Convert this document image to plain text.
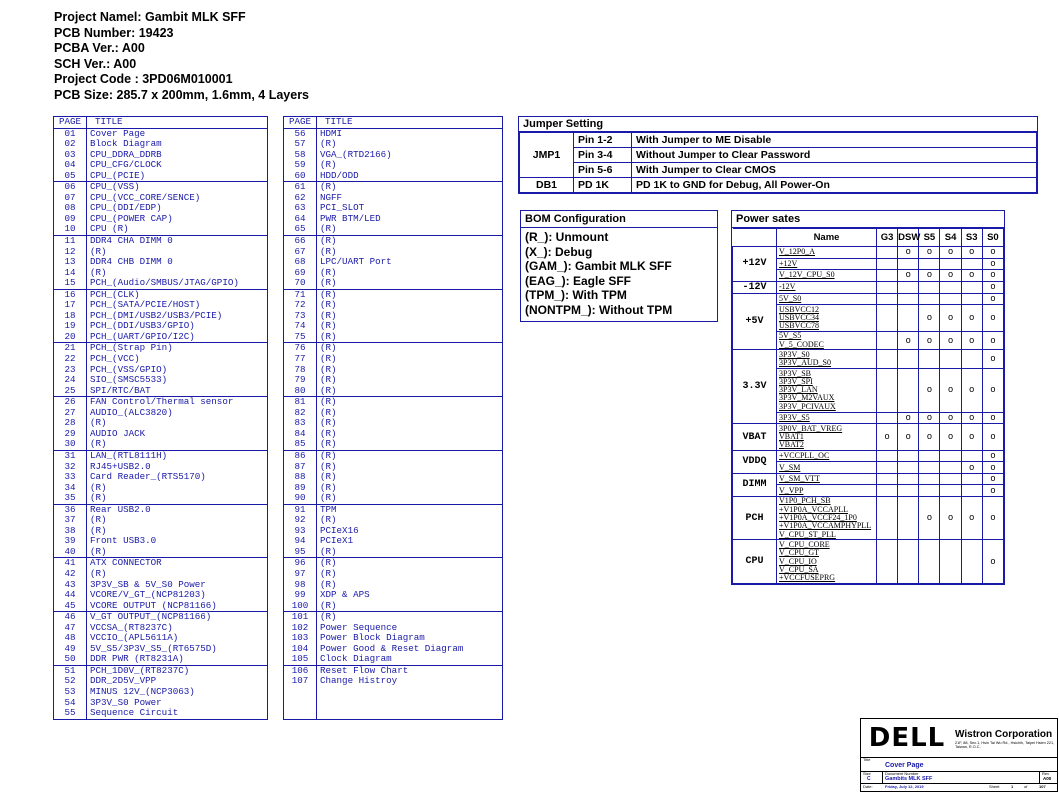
Project Namel: Gambit MLK SFF
PCB Number: 19423
PCBA Ver.: A00
SCH Ver.: A00
Project Code : 3PD06M010001
PCB Size: 285.7 x 200mm, 1.6mm, 4 Layers
PAGE	TITLE
01	Cover Page
02	Block Diagram
03	CPU_DDRA_DDRB
04	CPU_CFG/CLOCK
05	CPU_(PCIE)
06	CPU_(VSS)
07	CPU_(VCC_CORE/SENCE)
08	CPU_(DDI/EDP)
09	CPU_(POWER CAP)
10	CPU (R)
11	DDR4 CHA DIMM 0
12	(R)
13	DDR4 CHB DIMM 0
14	(R)
15	PCH_(Audio/SMBUS/JTAG/GPIO)
16	PCH_(CLK)
17	PCH_(SATA/PCIE/HOST)
18	PCH_(DMI/USB2/USB3/PCIE)
19	PCH_(DDI/USB3/GPIO)
20	PCH_(UART/GPIO/I2C)
21	PCH_(Strap Pin)
22	PCH_(VCC)
23	PCH_(VSS/GPIO)
24	SIO_(SMSC5533)
25	SPI/RTC/BAT
26	FAN Control/Thermal sensor
27	AUDIO_(ALC3820)
28	(R)
29	AUDIO JACK
30	(R)
31	LAN_(RTL8111H)
32	RJ45+USB2.0
33	Card Reader_(RTS5170)
34	(R)
35	(R)
36	Rear USB2.0
37	(R)
38	(R)
39	Front USB3.0
40	(R)
41	ATX CONNECTOR
42	(R)
43	3P3V_SB & 5V_S0 Power
44	VCORE/V_GT_(NCP81203)
45	VCORE OUTPUT (NCP81166)
46	V_GT OUTPUT_(NCP81166)
47	VCCSA_(RT8237C)
48	VCCIO_(APL5611A)
49	5V_S5/3P3V_S5_(RT6575D)
50	DDR PWR (RT8231A)
51	PCH_1D0V_(RT8237C)
52	DDR_2D5V_VPP
53	MINUS 12V_(NCP3063)
54	3P3V_S0 Power
55	Sequence Circuit
PAGE	TITLE
56	HDMI
57	(R)
58	VGA_(RTD2166)
59	(R)
60	HDD/ODD
61	(R)
62	NGFF
63	PCI_SLOT
64	PWR BTM/LED
65	(R)
66	(R)
67	(R)
68	LPC/UART Port
69	(R)
70	(R)
71	(R)
72	(R)
73	(R)
74	(R)
75	(R)
76	(R)
77	(R)
78	(R)
79	(R)
80	(R)
81	(R)
82	(R)
83	(R)
84	(R)
85	(R)
86	(R)
87	(R)
88	(R)
89	(R)
90	(R)
91	TPM
92	(R)
93	PCIeX16
94	PCIeX1
95	(R)
96	(R)
97	(R)
98	(R)
99	XDP & APS
100	(R)
101	(R)
102	Power Sequence
103	Power Block Diagram
104	Power Good & Reset Diagram
105	Clock Diagram
106	Reset Flow Chart
107	Change Histroy

Jumper Setting
JMP1	Pin 1-2	With Jumper to ME Disable
	Pin 3-4	Without Jumper to Clear Password
	Pin 5-6	With Jumper to Clear CMOS
DB1	PD 1K	PD 1K to GND for Debug, All Power-On
BOM Configuration
(R_): Unmount
(X_): Debug
(GAM_): Gambit MLK SFF
(EAG_): Eagle SFF
(TPM_): With TPM
(NONTPM_): Without TPM
Power sates
	Name	G3	DSW	S5	S4	S3	S0
+12V	V_12P0_A		o	o	o	o	o

	+12V						o

	V_12V_CPU_S0		o	o	o	o	o
-12V	-12V						o
+5V	5V_S0						o

	USBVCC12
USBVCC34
USBVCC78			o	o	o	o

	5V_S5
V_5_CODEC		o	o	o	o	o
3.3V	3P3V_S0
3P3V_AUD_S0						o

	3P3V_SB
3P3V_SPI
3P3V_LAN
3P3V_M2VAUX
3P3V_PCIVAUX			o	o	o	o

	3P3V_S5		o	o	o	o	o
VBAT	3P0V_BAT_VREG
VBAT1
VBAT2	o	o	o	o	o	o
VDDQ	+VCCPLL_OC						o

	V_SM					o	o
DIMM	V_SM_VTT						o

	V_VPP						o
PCH	V1P0_PCH_SB
+V1P0A_VCCAPLL
+V1P0A_VCCF24_1P0
+V1P0A_VCCAMPHYPLL
V_CPU_ST_PLL			o	o	o	o
CPU	V_CPU_CORE
V_CPU_GT
V_CPU_IO
V_CPU_SA
+VCCFUSEPRG						o
DELL Wistron Corporation
21F, 88, Sec.1, Hsin Tai Wu Rd., Hsichih, Taipei Hsien 221, Taiwan, R.O.C.
Title
Cover Page
Size
C
Document Number
Gambits MLK SFF
Rev
A00
Date:	Friday, July 12, 2019	Sheet	1	of	107
